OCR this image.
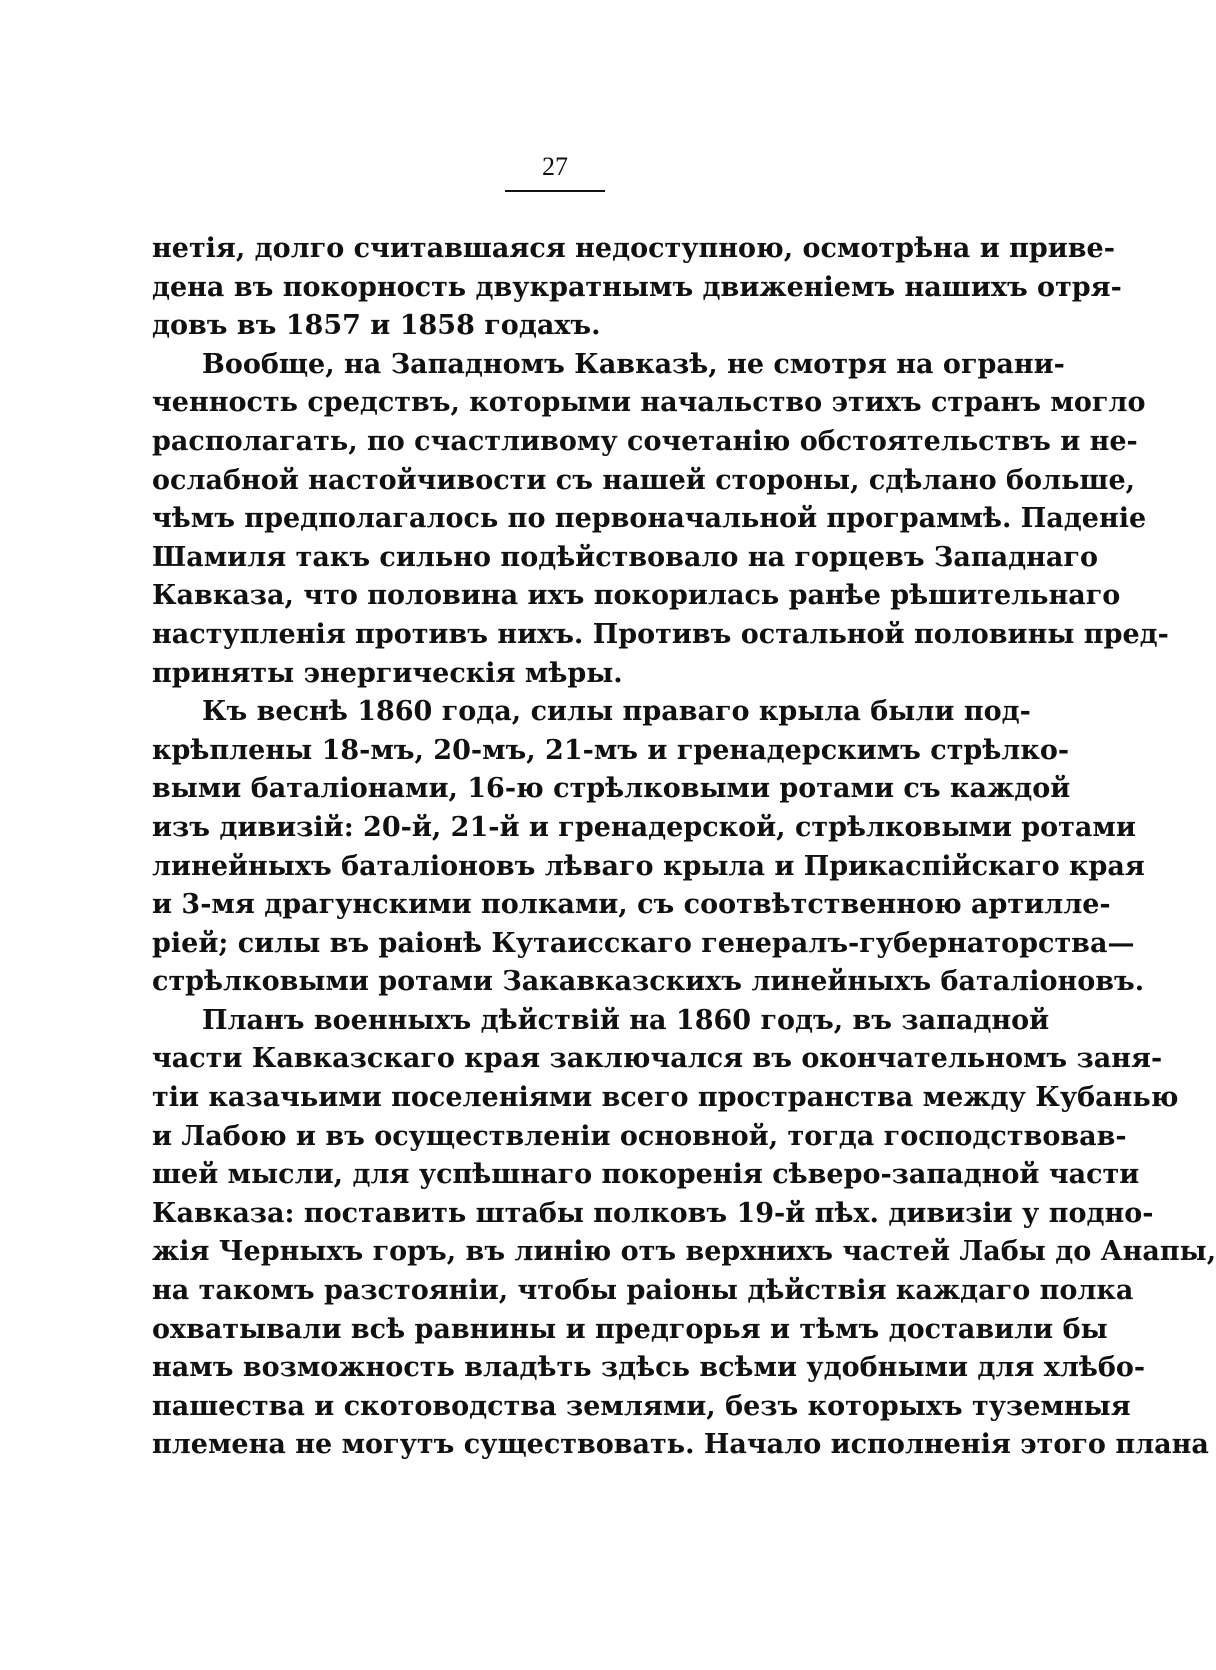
27
нетія, долго считавшаяся недоступною, осмотрѣна и приве-
дена въ покорность двукратнымъ движеніемъ нашихъ отря-
довъ въ 1857 и 1858 годахъ.
Вообще, на Западномъ Кавказѣ, не смотря на ограни-
ченность средствъ, которыми начальство этихъ странъ могло
располагать, по счастливому сочетанію обстоятельствъ и не-
ослабной настойчивости съ нашей стороны, сдѣлано больше,
чѣмъ предполагалось по первоначальной программѣ. Паденіе
Шамиля такъ сильно подѣйствовало на горцевъ Западнаго
Кавказа, что половина ихъ покорилась ранѣе рѣшительнаго
наступленія противъ нихъ. Противъ остальной половины пред-
приняты энергическія мѣры.
Къ веснѣ 1860 года, силы праваго крыла были под-
крѣплены 18-мъ, 20-мъ, 21-мъ и гренадерскимъ стрѣлко-
выми баталіонами, 16-ю стрѣлковыми ротами съ каждой
изъ дивизій: 20-й, 21-й и гренадерской, стрѣлковыми ротами
линейныхъ баталіоновъ лѣваго крыла и Прикаспійскаго края
и 3-мя драгунскими полками, съ соотвѣтственною артилле-
ріей; силы въ раіонѣ Кутаисскаго генералъ-губернаторства—
стрѣлковыми ротами Закавказскихъ линейныхъ баталіоновъ.
Планъ военныхъ дѣйствій на 1860 годъ, въ западной
части Кавказскаго края заключался въ окончательномъ заня-
тіи казачьими поселеніями всего пространства между Кубанью
и Лабою и въ осуществленіи основной, тогда господствовав-
шей мысли, для успѣшнаго покоренія сѣверо-западной части
Кавказа: поставить штабы полковъ 19-й пѣх. дивизіи у подно-
жія Черныхъ горъ, въ линію отъ верхнихъ частей Лабы до Анапы,
на такомъ разстояніи, чтобы раіоны дѣйствія каждаго полка
охватывали всѣ равнины и предгорья и тѣмъ доставили бы
намъ возможность владѣть здѣсь всѣми удобными для хлѣбо-
пашества и скотоводства землями, безъ которыхъ туземныя
племена не могутъ существовать. Начало исполненія этого плана
